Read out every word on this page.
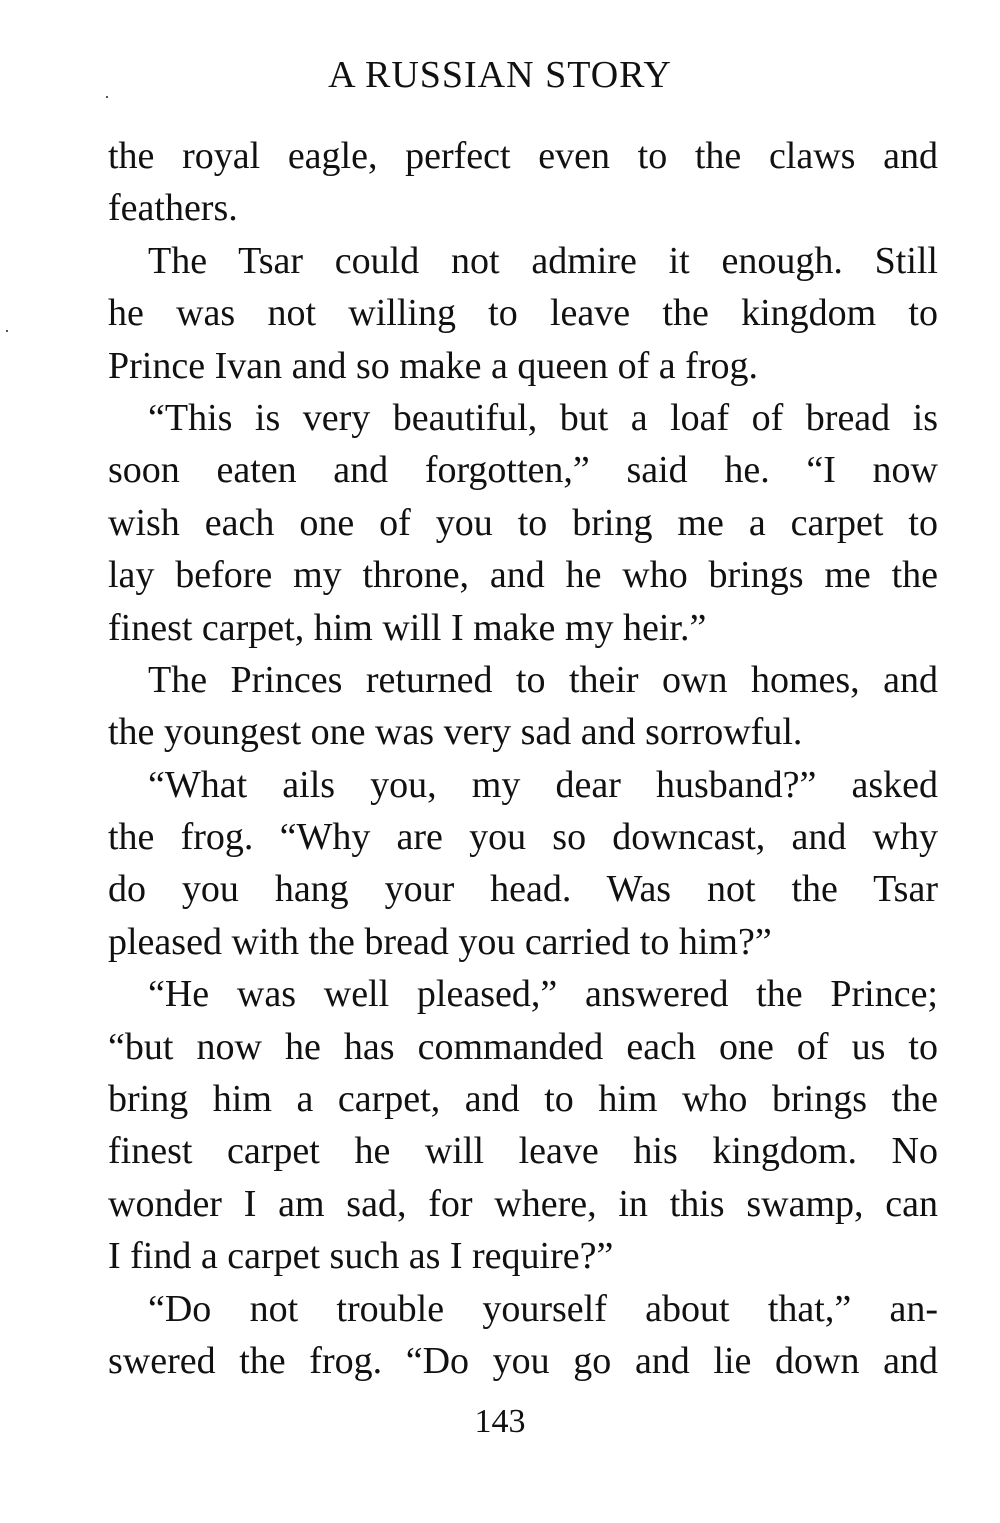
A RUSSIAN STORY
the royal eagle, perfect even to the claws and
feathers.
The Tsar could not admire it enough. Still
he was not willing to leave the kingdom to
Prince Ivan and so make a queen of a frog.
“This is very beautiful, but a loaf of bread is
soon eaten and forgotten,” said he. “I now
wish each one of you to bring me a carpet to
lay before my throne, and he who brings me the
finest carpet, him will I make my heir.”
The Princes returned to their own homes, and
the youngest one was very sad and sorrowful.
“What ails you, my dear husband?” asked
the frog. “Why are you so downcast, and why
do you hang your head. Was not the Tsar
pleased with the bread you carried to him?”
“He was well pleased,” answered the Prince;
“but now he has commanded each one of us to
bring him a carpet, and to him who brings the
finest carpet he will leave his kingdom. No
wonder I am sad, for where, in this swamp, can
I find a carpet such as I require?”
“Do not trouble yourself about that,” an-
swered the frog. “Do you go and lie down and
143
